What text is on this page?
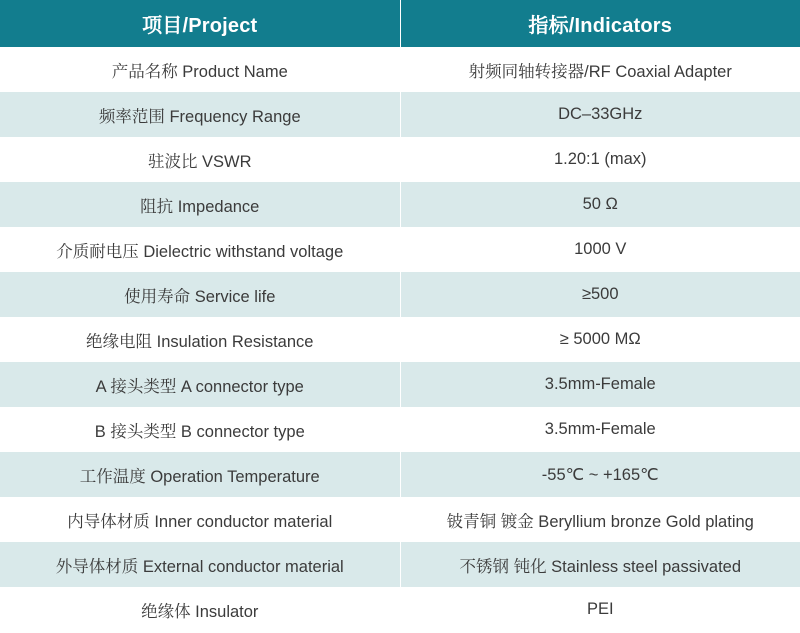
项目/Project	指标/Indicators
产品名称 Product Name	射频同轴转接器/RF Coaxial Adapter
频率范围 Frequency Range	DC–33GHz
驻波比 VSWR	1.20:1 (max)
阻抗 Impedance	50 Ω
介质耐电压 Dielectric withstand voltage	1000 V
使用寿命 Service life	≥500
绝缘电阻 Insulation Resistance	≥ 5000 MΩ
A 接头类型 A connector type	3.5mm-Female
B 接头类型 B connector type	3.5mm-Female
工作温度 Operation Temperature	-55℃ ~ +165℃
内导体材质 Inner conductor material	铍青铜 镀金 Beryllium bronze Gold plating
外导体材质 External conductor material	不锈钢 钝化 Stainless steel passivated
绝缘体 Insulator	PEI
